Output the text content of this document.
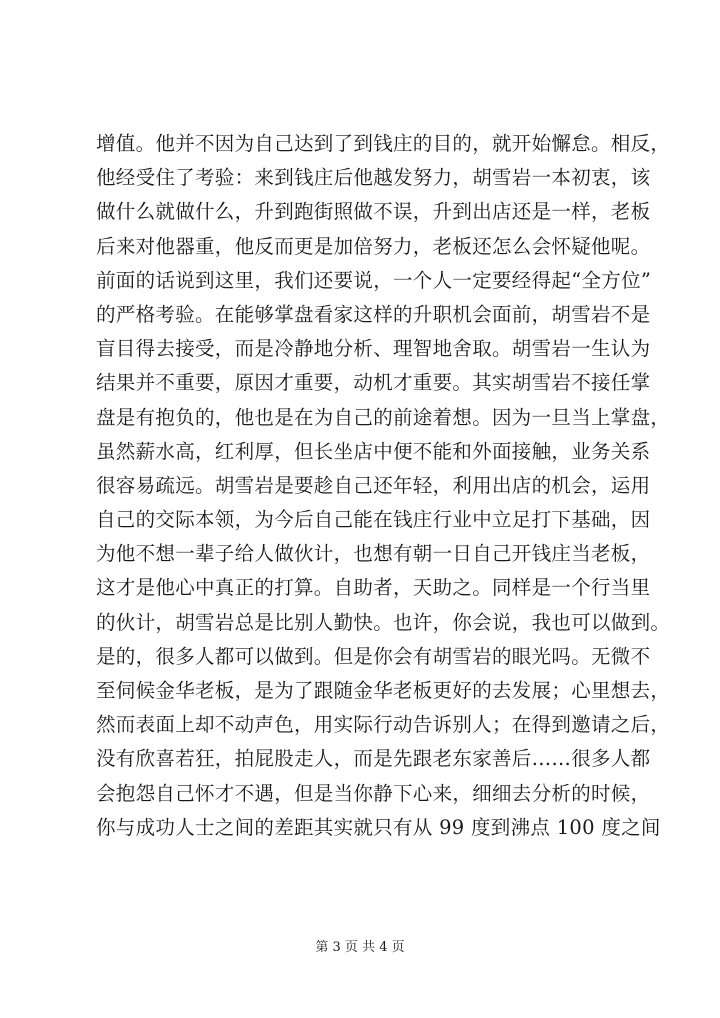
增值。他并不因为自己达到了到钱庄的目的，就开始懈怠。相反，
他经受住了考验：来到钱庄后他越发努力，胡雪岩一本初衷，该
做什么就做什么，升到跑街照做不误，升到出店还是一样，老板
后来对他器重，他反而更是加倍努力，老板还怎么会怀疑他呢。
前面的话说到这里，我们还要说，一个人一定要经得起“全方位”
的严格考验。在能够掌盘看家这样的升职机会面前，胡雪岩不是
盲目得去接受，而是冷静地分析、理智地舍取。胡雪岩一生认为
结果并不重要，原因才重要，动机才重要。其实胡雪岩不接任掌
盘是有抱负的，他也是在为自己的前途着想。因为一旦当上掌盘，
虽然薪水高，红利厚，但长坐店中便不能和外面接触，业务关系
很容易疏远。胡雪岩是要趁自己还年轻，利用出店的机会，运用
自己的交际本领，为今后自己能在钱庄行业中立足打下基础，因
为他不想一辈子给人做伙计，也想有朝一日自己开钱庄当老板，
这才是他心中真正的打算。自助者，天助之。同样是一个行当里
的伙计，胡雪岩总是比别人勤快。也许，你会说，我也可以做到。
是的，很多人都可以做到。但是你会有胡雪岩的眼光吗。无微不
至伺候金华老板，是为了跟随金华老板更好的去发展；心里想去，
然而表面上却不动声色，用实际行动告诉别人；在得到邀请之后，
没有欣喜若狂，拍屁股走人，而是先跟老东家善后……很多人都
会抱怨自己怀才不遇，但是当你静下心来，细细去分析的时候，
你与成功人士之间的差距其实就只有从 99 度到沸点 100 度之间
第 3 页 共 4 页
